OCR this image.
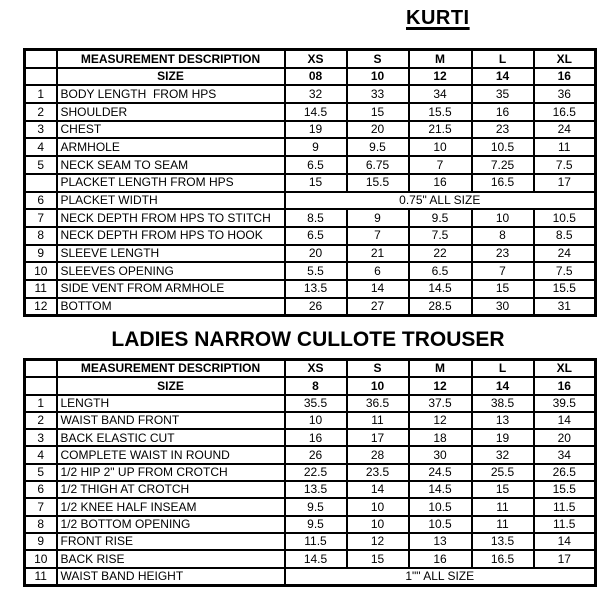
KURTI
	MEASUREMENT DESCRIPTION	XS	S	M	L	XL
	SIZE	08	10	12	14	16
1	BODY LENGTH  FROM HPS	32	33	34	35	36
2	SHOULDER	14.5	15	15.5	16	16.5
3	CHEST	19	20	21.5	23	24
4	ARMHOLE	9	9.5	10	10.5	11
5	NECK SEAM TO SEAM	6.5	6.75	7	7.25	7.5
	PLACKET LENGTH FROM HPS	15	15.5	16	16.5	17
6	PLACKET WIDTH	0.75" ALL SIZE				
7	NECK DEPTH FROM HPS TO STITCH	8.5	9	9.5	10	10.5
8	NECK DEPTH FROM HPS TO HOOK	6.5	7	7.5	8	8.5
9	SLEEVE LENGTH	20	21	22	23	24
10	SLEEVES OPENING	5.5	6	6.5	7	7.5
11	SIDE VENT FROM ARMHOLE	13.5	14	14.5	15	15.5
12	BOTTOM	26	27	28.5	30	31
LADIES NARROW CULLOTE TROUSER
	MEASUREMENT DESCRIPTION	XS	S	M	L	XL
	SIZE	8	10	12	14	16
1	LENGTH	35.5	36.5	37.5	38.5	39.5
2	WAIST BAND FRONT	10	11	12	13	14
3	BACK ELASTIC CUT	16	17	18	19	20
4	COMPLETE WAIST IN ROUND	26	28	30	32	34
5	1/2 HIP 2" UP FROM CROTCH	22.5	23.5	24.5	25.5	26.5
6	1/2 THIGH AT CROTCH	13.5	14	14.5	15	15.5
7	1/2 KNEE HALF INSEAM	9.5	10	10.5	11	11.5
8	1/2 BOTTOM OPENING	9.5	10	10.5	11	11.5
9	FRONT RISE	11.5	12	13	13.5	14
10	BACK RISE	14.5	15	16	16.5	17
11	WAIST BAND HEIGHT	1"" ALL SIZE				
